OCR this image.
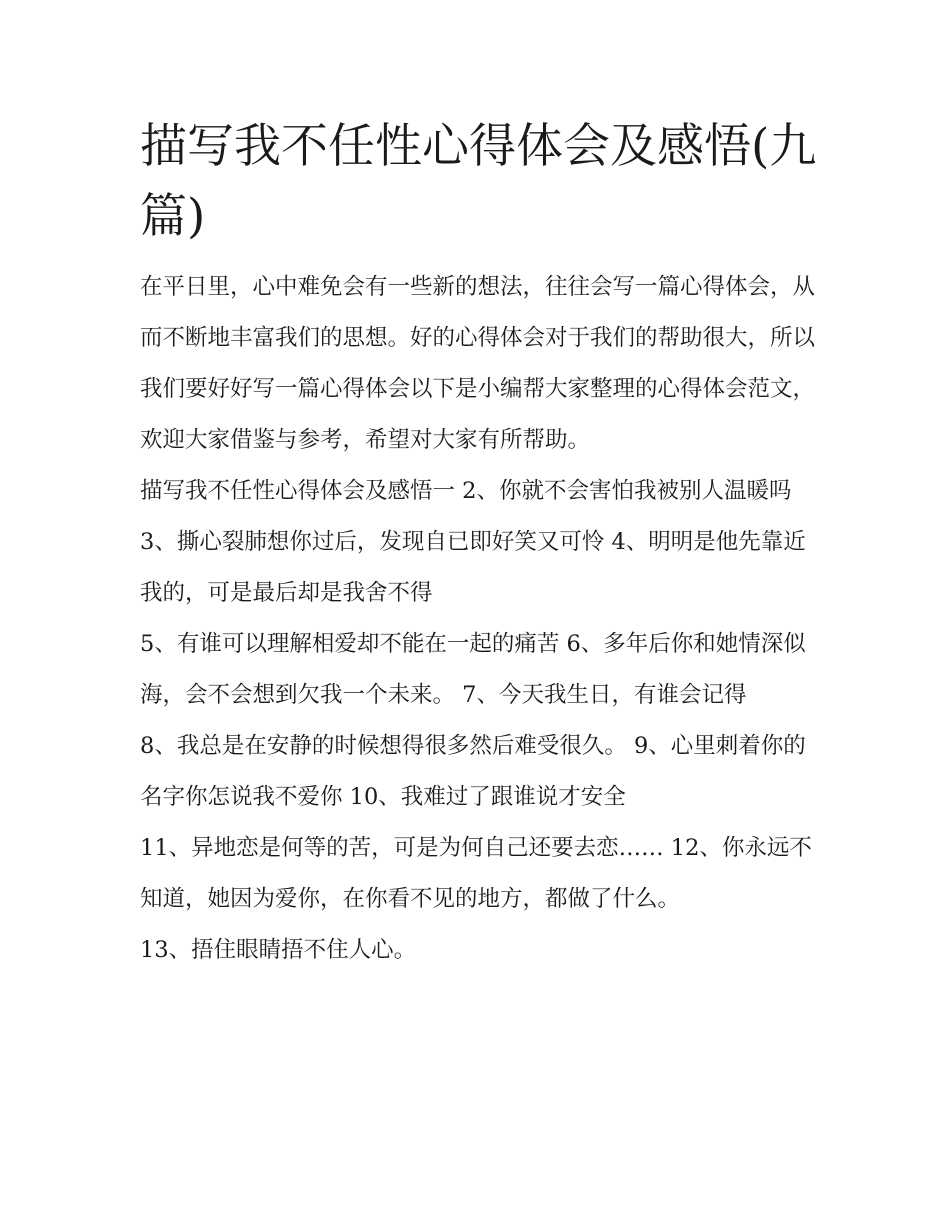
描写我不任性心得体会及感悟(九篇)

在平日里，心中难免会有一些新的想法，往往会写一篇心得体会，从而不断地丰富我们的思想。好的心得体会对于我们的帮助很大，所以我们要好好写一篇心得体会以下是小编帮大家整理的心得体会范文，欢迎大家借鉴与参考，希望对大家有所帮助。

描写我不任性心得体会及感悟一 2、你就不会害怕我被别人温暖吗 3、撕心裂肺想你过后，发现自已即好笑又可怜 4、明明是他先靠近我的，可是最后却是我舍不得

5、有谁可以理解相爱却不能在一起的痛苦 6、多年后你和她情深似海，会不会想到欠我一个未来。 7、今天我生日，有谁会记得

8、我总是在安静的时候想得很多然后难受很久。 9、心里刺着你的名字你怎说我不爱你 10、我难过了跟谁说才安全

11、异地恋是何等的苦，可是为何自己还要去恋…… 12、你永远不知道，她因为爱你，在你看不见的地方，都做了什么。

13、捂住眼睛捂不住人心。
